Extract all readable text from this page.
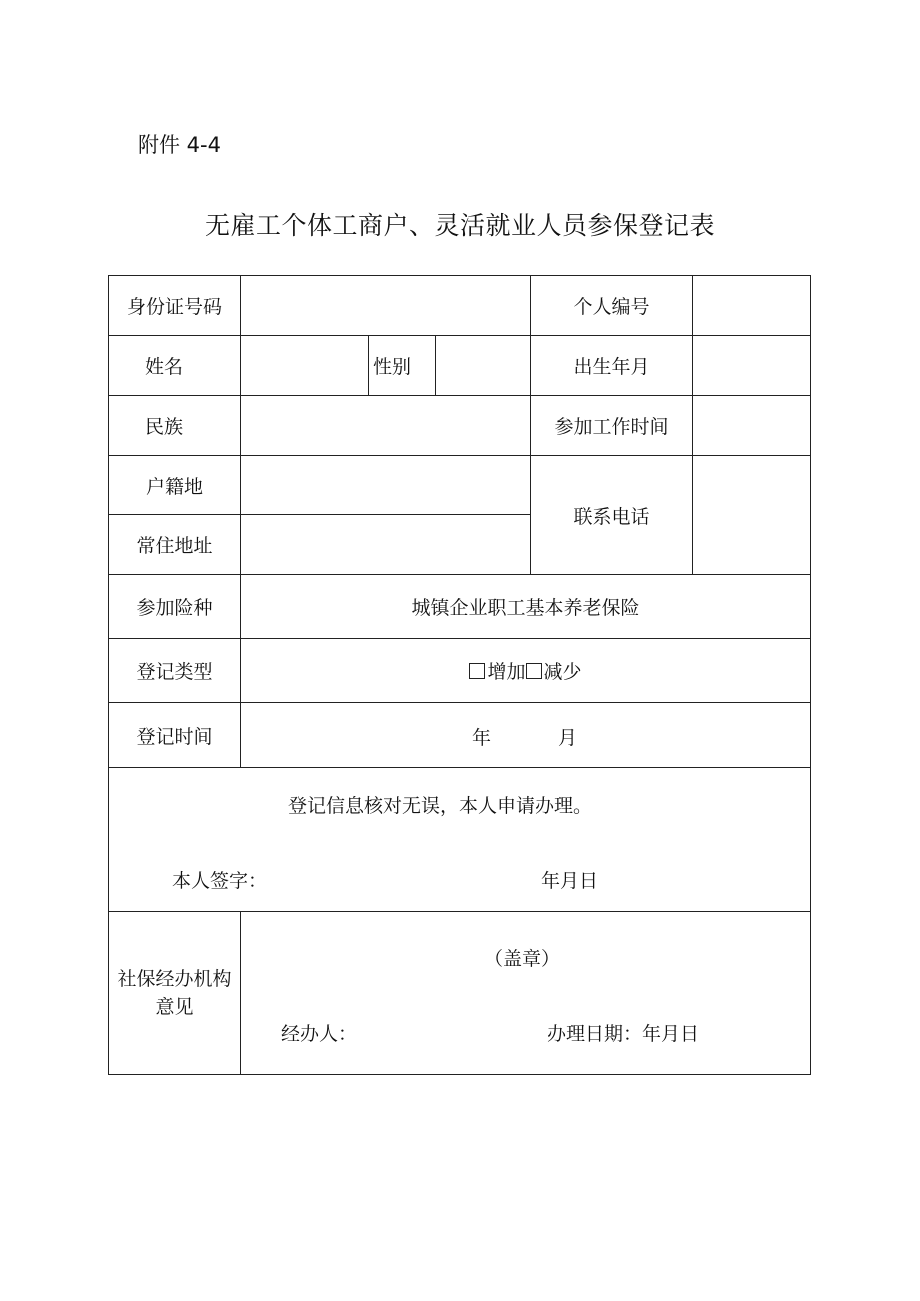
附件 4-4
无雇工个体工商户、灵活就业人员参保登记表
身份证号码	个人编号
姓名	性别	出生年月
民族	参加工作时间
户籍地
常住地址
联系电话
参加险种	城镇企业职工基本养老保险
登记类型	增加 减少
登记时间	年	月
登记信息核对无误，本人申请办理。
本人签字：	年月日
社保经办机构意见
（盖章）
经办人：	办理日期：年月日
